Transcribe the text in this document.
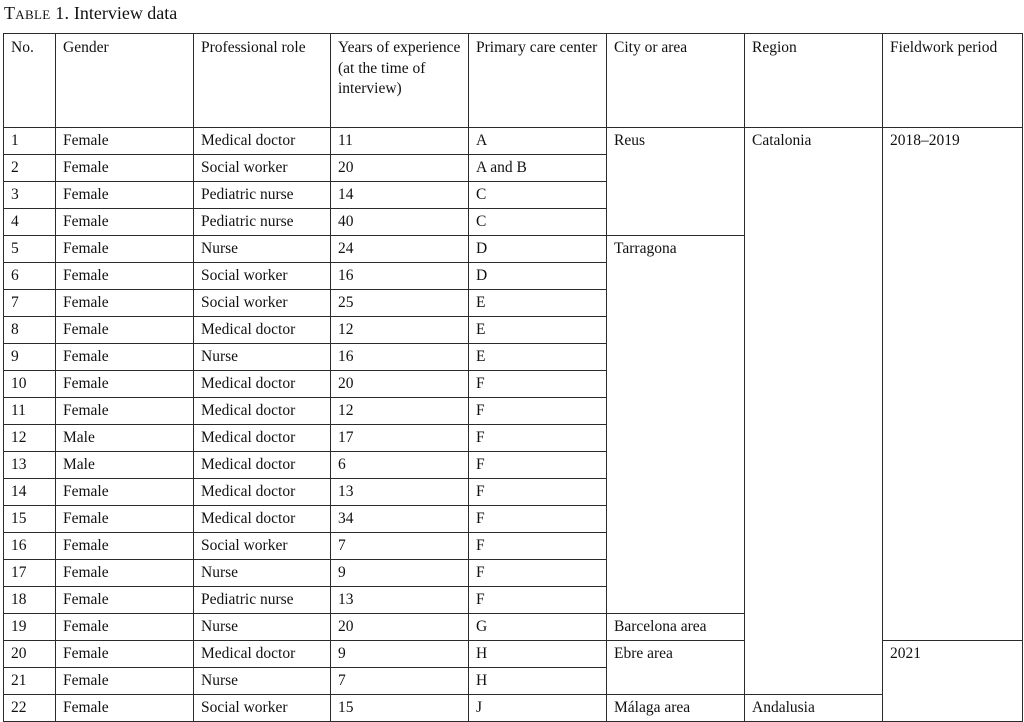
Table 1. Interview data
No.	Gender	Professional role	Years of experience (at the time of interview)	Primary care center	City or area	Region	Fieldwork period
1	Female	Medical doctor	11	A	Reus	Catalonia	2018–2019
2	Female	Social worker	20	A and B			
3	Female	Pediatric nurse	14	C			
4	Female	Pediatric nurse	40	C			
5	Female	Nurse	24	D	Tarragona		
6	Female	Social worker	16	D			
7	Female	Social worker	25	E			
8	Female	Medical doctor	12	E			
9	Female	Nurse	16	E			
10	Female	Medical doctor	20	F			
11	Female	Medical doctor	12	F			
12	Male	Medical doctor	17	F			
13	Male	Medical doctor	6	F			
14	Female	Medical doctor	13	F			
15	Female	Medical doctor	34	F			
16	Female	Social worker	7	F			
17	Female	Nurse	9	F			
18	Female	Pediatric nurse	13	F			
19	Female	Nurse	20	G	Barcelona area		
20	Female	Medical doctor	9	H	Ebre area		2021
21	Female	Nurse	7	H			
22	Female	Social worker	15	J	Málaga area	Andalusia	
